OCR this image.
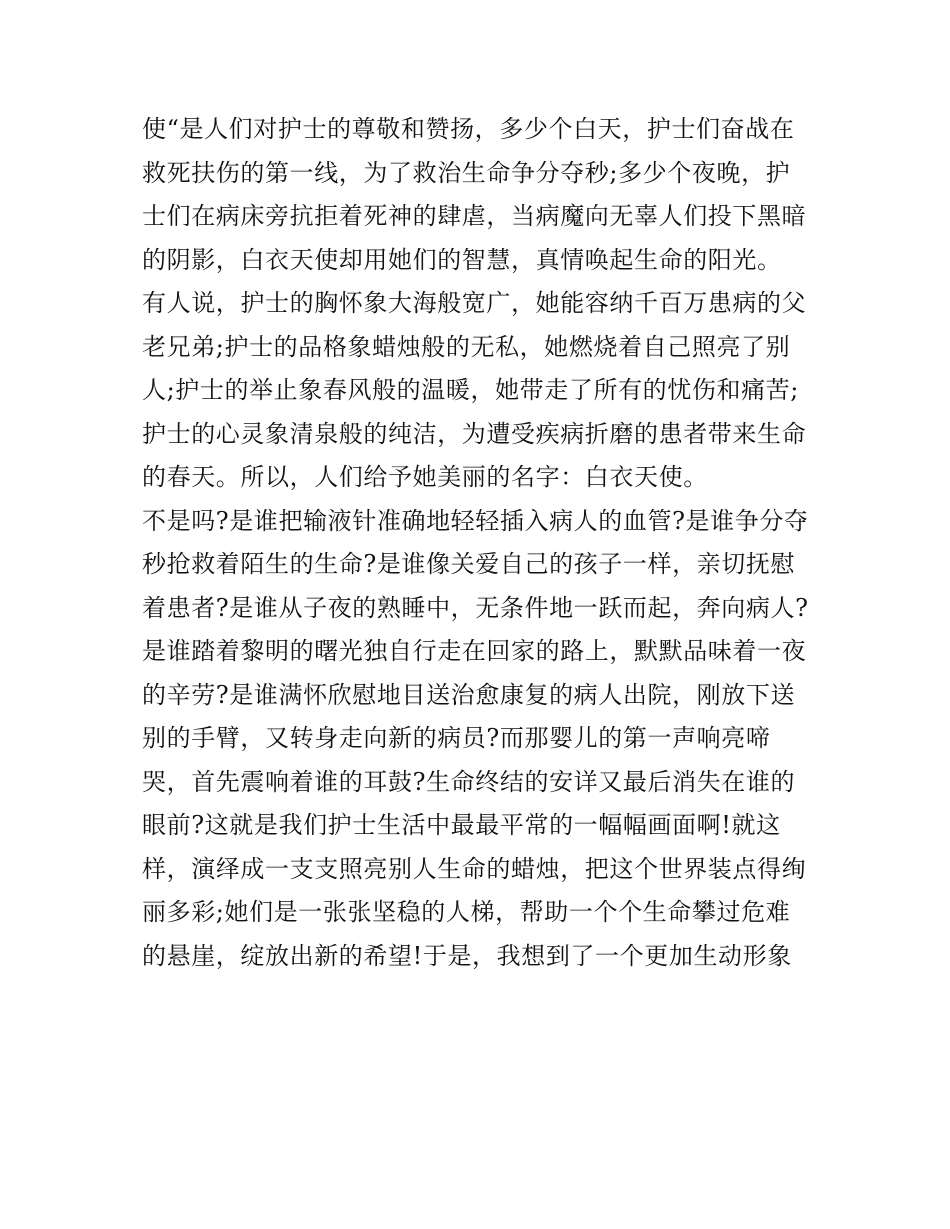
使“是人们对护士的尊敬和赞扬，多少个白天，护士们奋战在
救死扶伤的第一线，为了救治生命争分夺秒;多少个夜晚，护
士们在病床旁抗拒着死神的肆虐，当病魔向无辜人们投下黑暗
的阴影，白衣天使却用她们的智慧，真情唤起生命的阳光。
有人说，护士的胸怀象大海般宽广，她能容纳千百万患病的父
老兄弟;护士的品格象蜡烛般的无私，她燃烧着自己照亮了别
人;护士的举止象春风般的温暖，她带走了所有的忧伤和痛苦;
护士的心灵象清泉般的纯洁，为遭受疾病折磨的患者带来生命
的春天。所以，人们给予她美丽的名字：白衣天使。
不是吗?是谁把输液针准确地轻轻插入病人的血管?是谁争分夺
秒抢救着陌生的生命?是谁像关爱自己的孩子一样，亲切抚慰
着患者?是谁从子夜的熟睡中，无条件地一跃而起，奔向病人?
是谁踏着黎明的曙光独自行走在回家的路上，默默品味着一夜
的辛劳?是谁满怀欣慰地目送治愈康复的病人出院，刚放下送
别的手臂，又转身走向新的病员?而那婴儿的第一声响亮啼
哭，首先震响着谁的耳鼓?生命终结的安详又最后消失在谁的
眼前?这就是我们护士生活中最最平常的一幅幅画面啊!就这
样，演绎成一支支照亮别人生命的蜡烛，把这个世界装点得绚
丽多彩;她们是一张张坚稳的人梯，帮助一个个生命攀过危难
的悬崖，绽放出新的希望!于是，我想到了一个更加生动形象
